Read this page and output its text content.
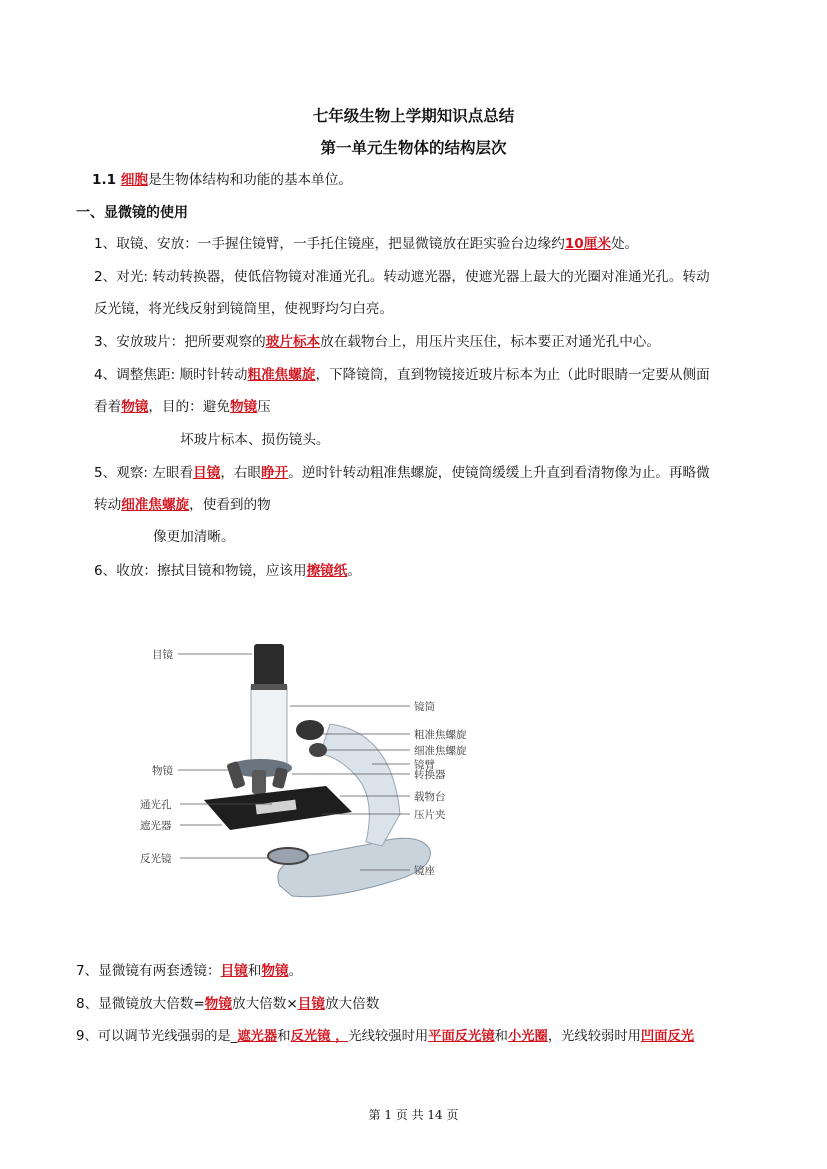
七年级生物上学期知识点总结
第一单元生物体的结构层次
1.1 细胞是生物体结构和功能的基本单位。
一、显微镜的使用
1、取镜、安放：一手握住镜臂，一手托住镜座，把显微镜放在距实验台边缘约10厘米处。
2、对光: 转动转换器，使低倍物镜对准通光孔。转动遮光器，使遮光器上最大的光圈对准通光孔。转动
反光镜，将光线反射到镜筒里，使视野均匀白亮。
3、安放玻片：把所要观察的玻片标本放在载物台上，用压片夹压住，标本要正对通光孔中心。
4、调整焦距: 顺时针转动粗准焦螺旋，下降镜筒，直到物镜接近玻片标本为止（此时眼睛一定要从侧面
看着物镜，目的：避免物镜压
坏玻片标本、损伤镜头。
5、观察: 左眼看目镜，右眼睁开。逆时针转动粗准焦螺旋，使镜筒缓缓上升直到看清物像为止。再略微
转动细准焦螺旋，使看到的物
像更加清晰。
6、收放：擦拭目镜和物镜，应该用擦镜纸。
目镜
物镜
通光孔
遮光器
反光镜
镜筒
粗准焦螺旋
细准焦螺旋
镜臂
转换器
载物台
压片夹
镜座
7、显微镜有两套透镜：目镜和物镜。
8、显微镜放大倍数=物镜放大倍数×目镜放大倍数
9、可以调节光线强弱的是_遮光器和反光镜 ，光线较强时用平面反光镜和小光圈，光线较弱时用凹面反光
第 1 页 共 14 页
